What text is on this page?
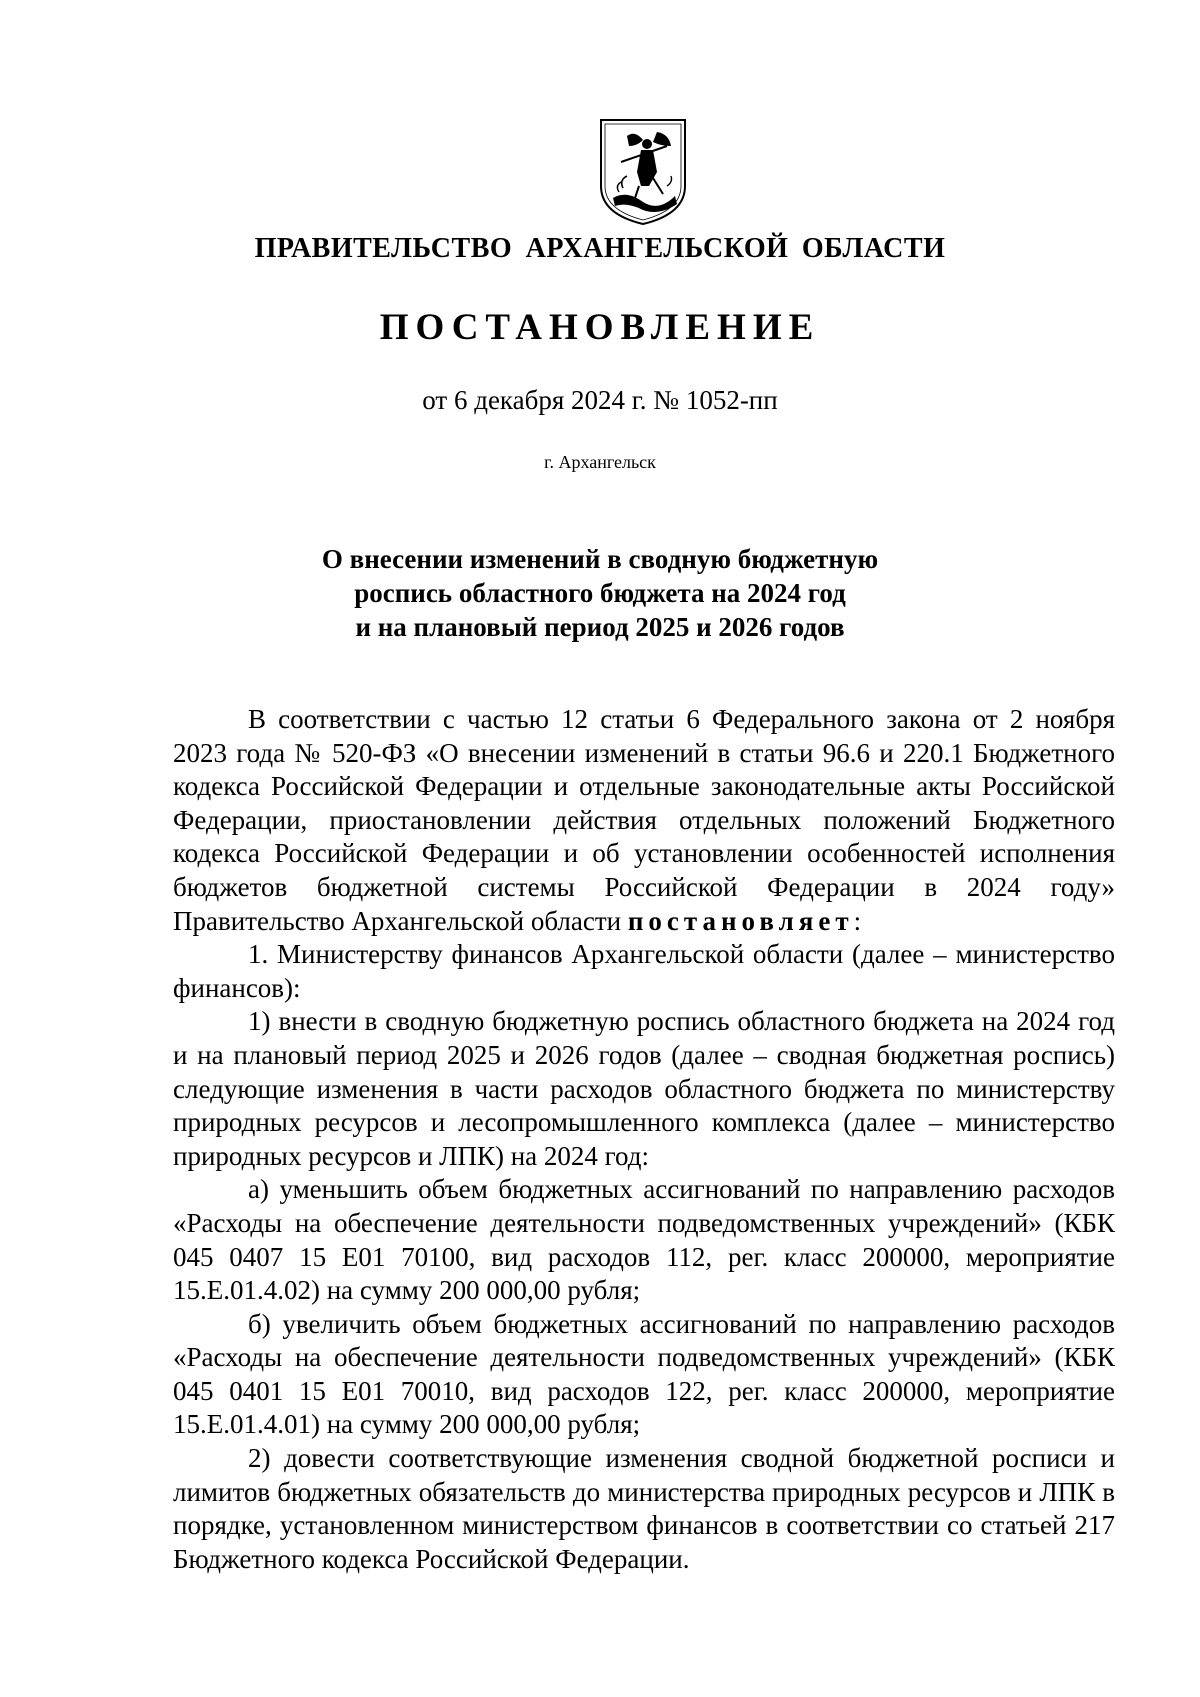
ПРАВИТЕЛЬСТВО АРХАНГЕЛЬСКОЙ ОБЛАСТИ
ПОСТАНОВЛЕНИЕ
от 6 декабря 2024 г. № 1052-пп
г. Архангельск
О внесении изменений в сводную бюджетную
роспись областного бюджета на 2024 год
и на плановый период 2025 и 2026 годов

В соответствии с частью 12 статьи 6 Федерального закона от 2 ноября 2023 года № 520-ФЗ «О внесении изменений в статьи 96.6 и 220.1 Бюджетного кодекса Российской Федерации и отдельные законодательные акты Российской Федерации, приостановлении действия отдельных положений Бюджетного кодекса Российской Федерации и об установлении особенностей исполнения бюджетов бюджетной системы Российской Федерации в 2024 году» Правительство Архангельской области постановляет:

1. Министерству финансов Архангельской области (далее – министерство финансов):

1) внести в сводную бюджетную роспись областного бюджета на 2024 год и на плановый период 2025 и 2026 годов (далее – сводная бюджетная роспись) следующие изменения в части расходов областного бюджета по министерству природных ресурсов и лесопромышленного комплекса (далее – министерство природных ресурсов и ЛПК) на 2024 год:

а) уменьшить объем бюджетных ассигнований по направлению расходов «Расходы на обеспечение деятельности подведомственных учреждений» (КБК 045 0407 15 Е01 70100, вид расходов 112, рег. класс 200000, мероприятие 15.Е.01.4.02) на сумму 200 000,00 рубля;

б) увеличить объем бюджетных ассигнований по направлению расходов «Расходы на обеспечение деятельности подведомственных учреждений» (КБК 045 0401 15 Е01 70010, вид расходов 122, рег. класс 200000, мероприятие 15.Е.01.4.01) на сумму 200 000,00 рубля;

2) довести соответствующие изменения сводной бюджетной росписи и лимитов бюджетных обязательств до министерства природных ресурсов и ЛПК в порядке, установленном министерством финансов в соответствии со статьей 217 Бюджетного кодекса Российской Федерации.
